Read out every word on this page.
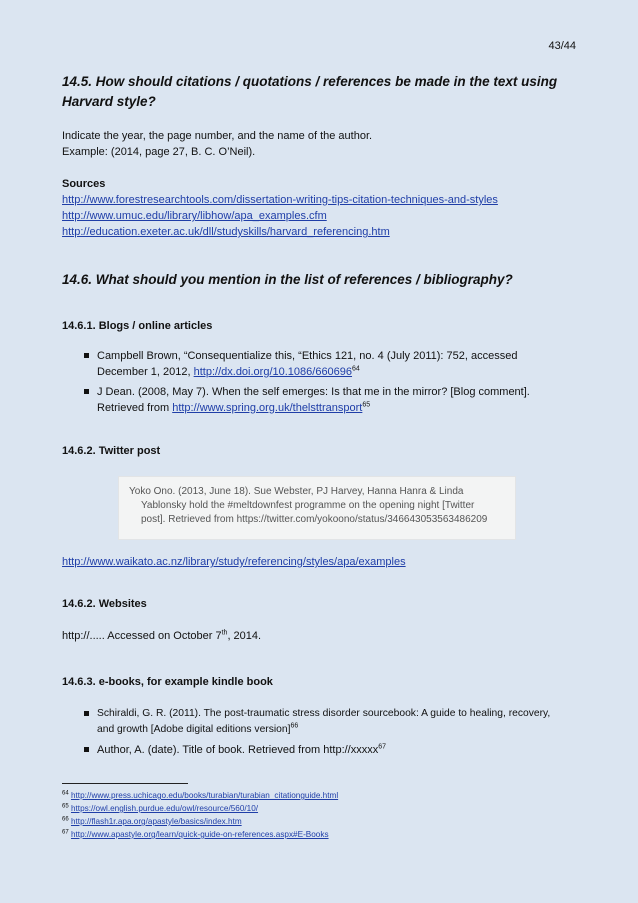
43/44
14.5. How should citations / quotations / references be made in the text using
Harvard style?
Indicate the year, the page number, and the name of the author.
Example: (2014, page 27, B. C. O’Neil).
Sources
http://www.forestresearchtools.com/dissertation-writing-tips-citation-techniques-and-styles
http://www.umuc.edu/library/libhow/apa_examples.cfm
http://education.exeter.ac.uk/dll/studyskills/harvard_referencing.htm
14.6. What should you mention in the list of references / bibliography?
14.6.1. Blogs / online articles
Campbell Brown, “Consequentialize this, “Ethics 121, no. 4 (July 2011): 752, accessed
December 1, 2012, http://dx.doi.org/10.1086/660696$^{64}$
J Dean. (2008, May 7). When the self emerges: Is that me in the mirror? [Blog comment].
Retrieved from http://www.spring.org.uk/thelsttransport$^{65}$
14.6.2. Twitter post
Yoko Ono. (2013, June 18). Sue Webster, PJ Harvey, Hanna Hanra & Linda
Yablonsky hold the #meltdownfest programme on the opening night [Twitter
post]. Retrieved from https://twitter.com/yokoono/status/346643053563486209
http://www.waikato.ac.nz/library/study/referencing/styles/apa/examples
14.6.2. Websites
http://..... Accessed on October 7th, 2014.
14.6.3. e-books, for example kindle book
Schiraldi, G. R. (2011). The post-traumatic stress disorder sourcebook: A guide to healing, recovery,
and growth [Adobe digital editions version]$^{66}$
Author, A. (date). Title of book. Retrieved from http://xxxxx$^{67}$
$^{64}$ http://www.press.uchicago.edu/books/turabian/turabian_citationguide.html
$^{65}$ https://owl.english.purdue.edu/owl/resource/560/10/
$^{66}$ http://flash1r.apa.org/apastyle/basics/index.htm
$^{67}$ http://www.apastyle.org/learn/quick-guide-on-references.aspx#E-Books
